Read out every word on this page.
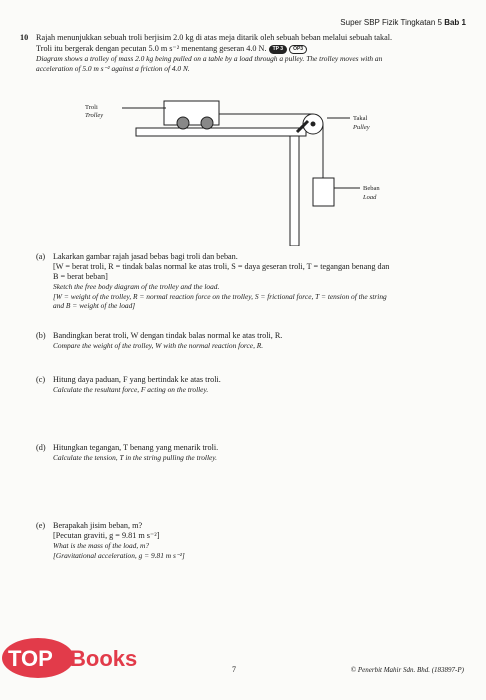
Super SBP Fizik Tingkatan 5 Bab 1
10 Rajah menunjukkan sebuah troli berjisim 2.0 kg di atas meja ditarik oleh sebuah beban melalui sebuah takal.
Troli itu bergerak dengan pecutan 5.0 m s⁻² menentang geseran 4.0 N. TP 3 OP3
Diagram shows a trolley of mass 2.0 kg being pulled on a table by a load through a pulley. The trolley moves with an
acceleration of 5.0 m s⁻² against a friction of 4.0 N.
Troli
Trolley	Takal
Pulley
Beban
Load
(a) Lakarkan gambar rajah jasad bebas bagi troli dan beban.
[W = berat troli, R = tindak balas normal ke atas troli, S = daya geseran troli, T = tegangan benang dan
B = berat beban]
Sketch the free body diagram of the trolley and the load.
[W = weight of the trolley, R = normal reaction force on the trolley, S = frictional force, T = tension of the string
and B = weight of the load]
(b) Bandingkan berat troli, W dengan tindak balas normal ke atas troli, R.
Compare the weight of the trolley, W with the normal reaction force, R.
(c) Hitung daya paduan, F yang bertindak ke atas troli.
Calculate the resultant force, F acting on the trolley.
(d) Hitungkan tegangan, T benang yang menarik troli.
Calculate the tension, T in the string pulling the trolley.
(e) Berapakah jisim beban, m?
[Pecutan graviti, g = 9.81 m s⁻²]
What is the mass of the load, m?
[Gravitational acceleration, g = 9.81 m s⁻²]
TOP Books	7	© Penerbit Mahir Sdn. Bhd. (183897-P)
